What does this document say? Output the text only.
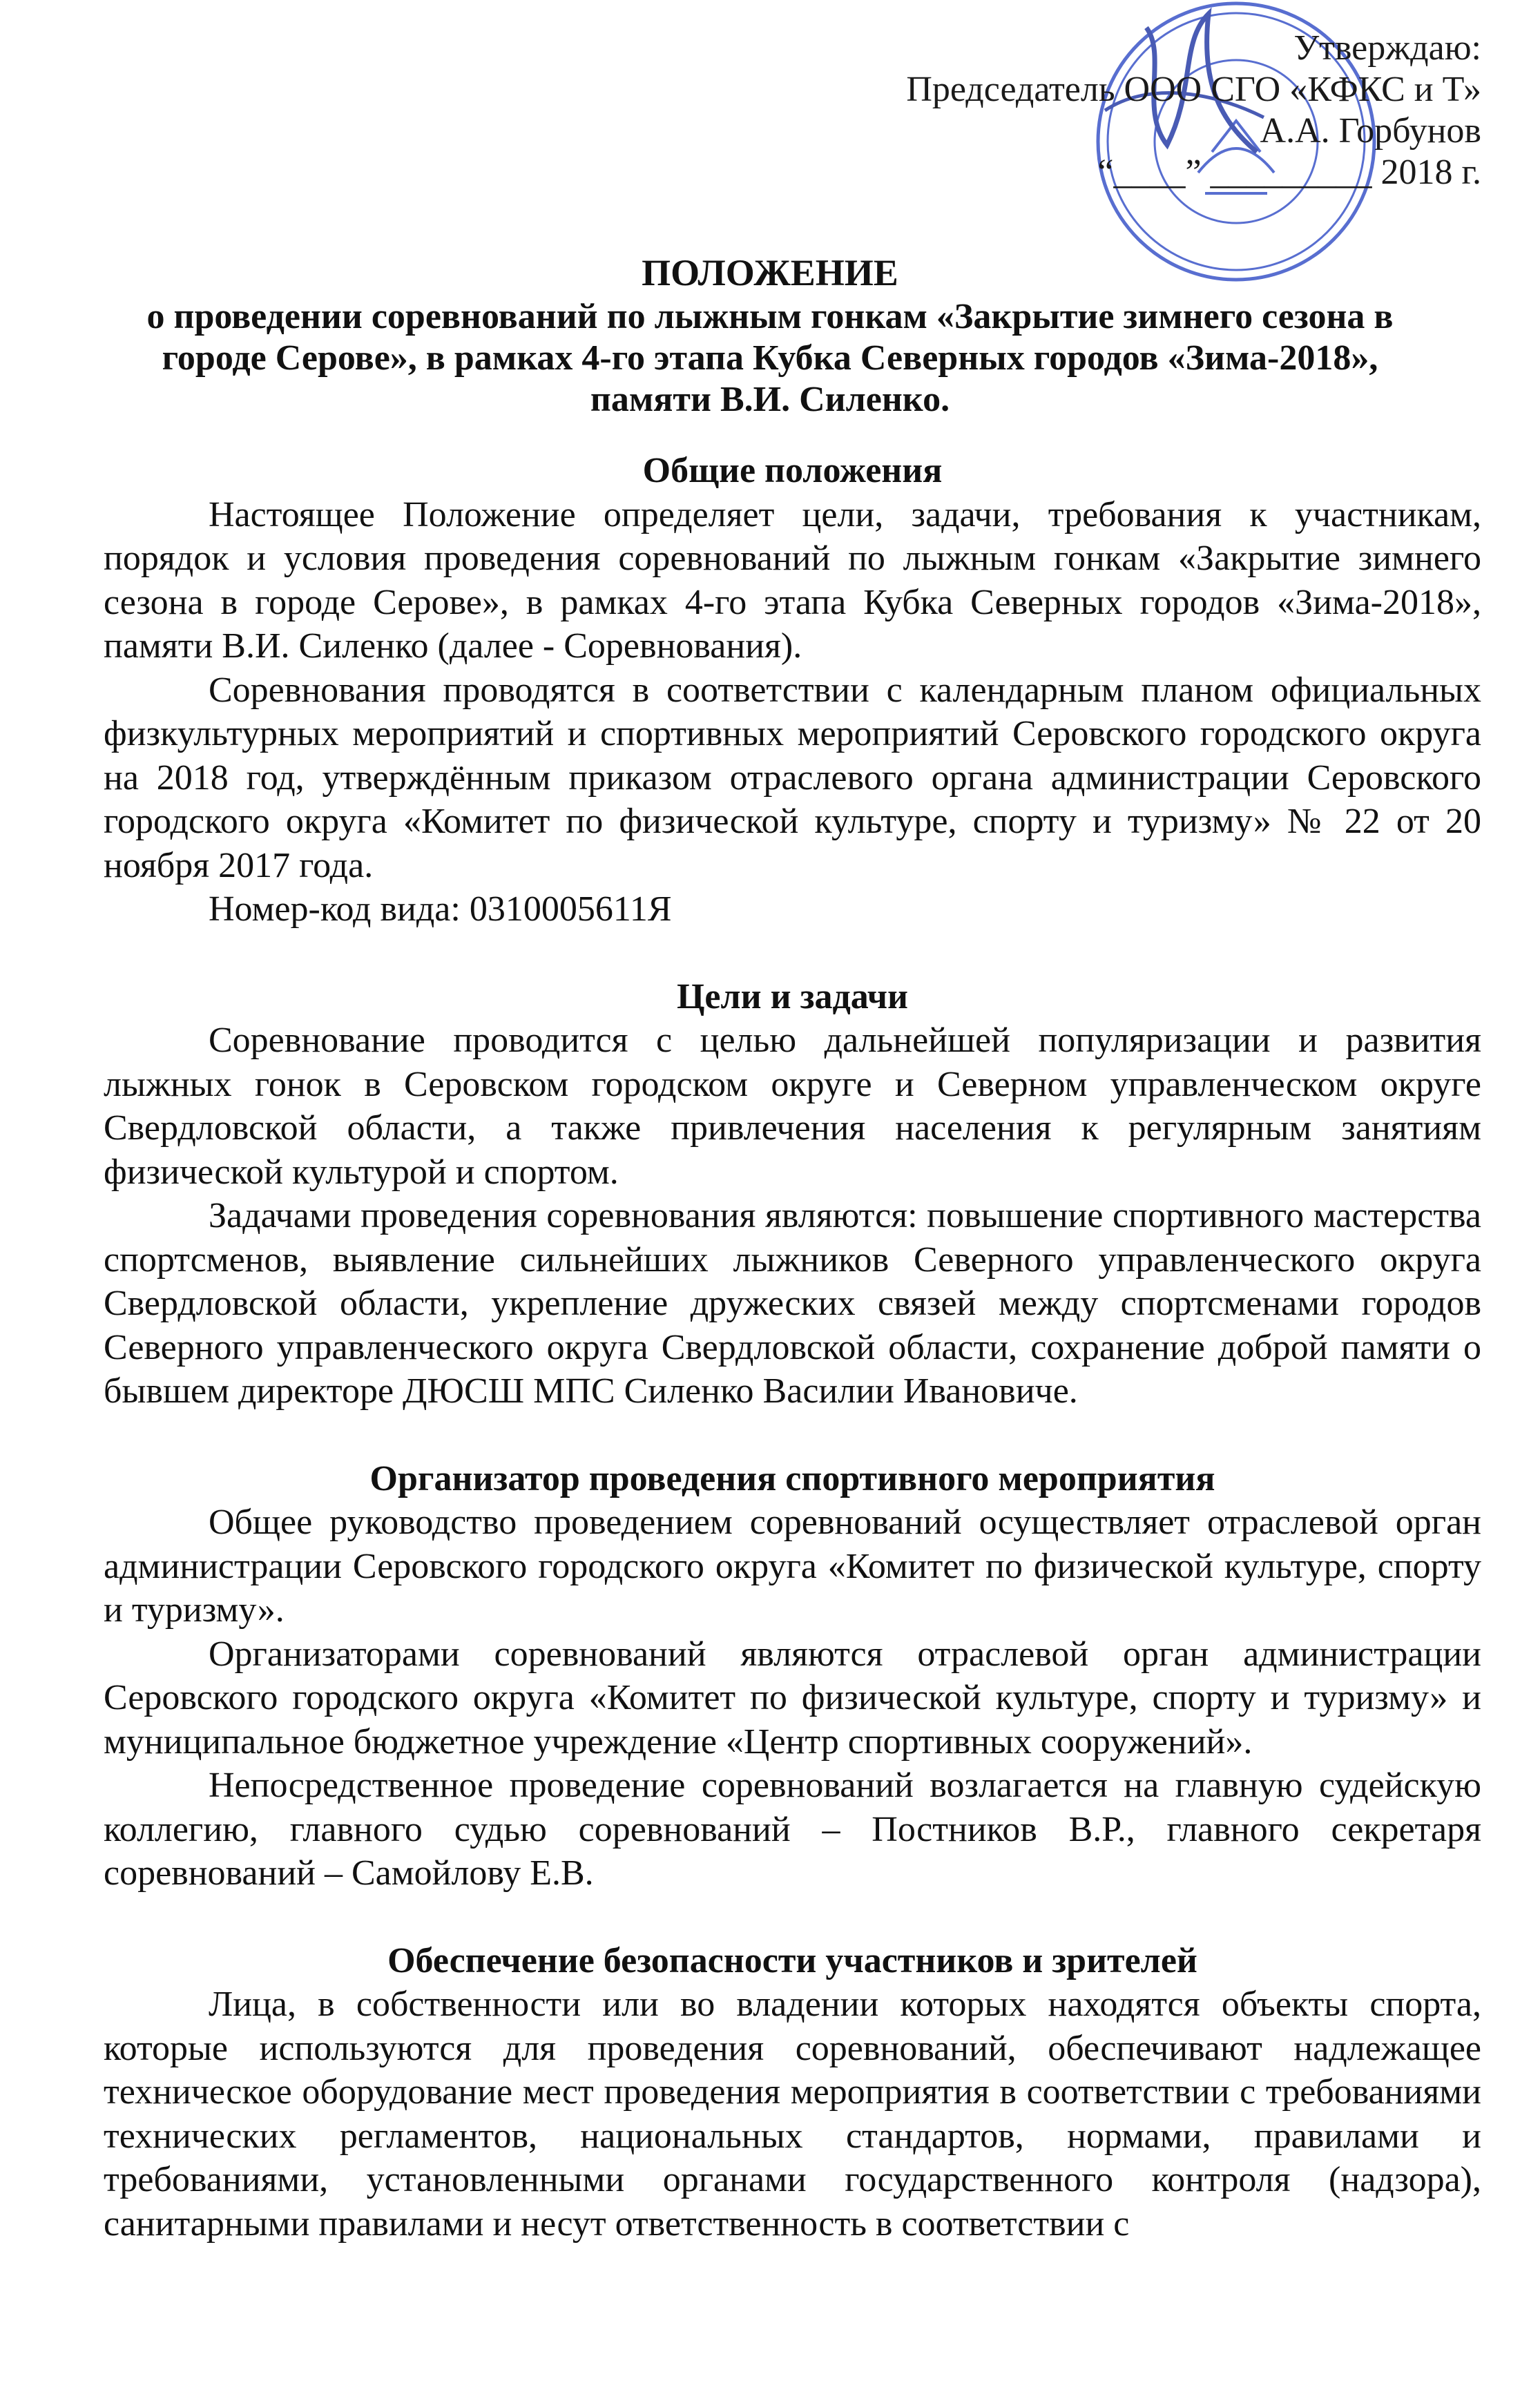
Утверждаю:
Председатель ООО СГО «КФКС и Т»
А.А. Горбунов
“____” _________ 2018 г.
ПОЛОЖЕНИЕ
о проведении соревнований по лыжным гонкам «Закрытие зимнего сезона в
городе Серове», в рамках 4-го этапа Кубка Северных городов «Зима-2018»,
памяти В.И. Силенко.

Общие положения

Настоящее Положение определяет цели, задачи, требования к участникам, порядок и условия проведения соревнований по лыжным гонкам «Закрытие зимнего сезона в городе Серове», в рамках 4-го этапа Кубка Северных городов «Зима-2018», памяти В.И. Силенко (далее - Соревнования).

Соревнования проводятся в соответствии с календарным планом официальных физкультурных мероприятий и спортивных мероприятий Серовского городского округа на 2018 год, утверждённым приказом отраслевого органа администрации Серовского городского округа «Комитет по физической культуре, спорту и туризму» № 22 от 20 ноября 2017 года.

Номер-код вида: 0310005611Я

Цели и задачи

Соревнование проводится с целью дальнейшей популяризации и развития лыжных гонок в Серовском городском округе и Северном управленческом округе Свердловской области, а также привлечения населения к регулярным занятиям физической культурой и спортом.

Задачами проведения соревнования являются: повышение спортивного мастерства спортсменов, выявление сильнейших лыжников Северного управленческого округа Свердловской области, укрепление дружеских связей между спортсменами городов Северного управленческого округа Свердловской области, сохранение доброй памяти о бывшем директоре ДЮСШ МПС Силенко Василии Ивановиче.

Организатор проведения спортивного мероприятия

Общее руководство проведением соревнований осуществляет отраслевой орган администрации Серовского городского округа «Комитет по физической культуре, спорту и туризму».

Организаторами соревнований являются отраслевой орган администрации Серовского городского округа «Комитет по физической культуре, спорту и туризму» и муниципальное бюджетное учреждение «Центр спортивных сооружений».

Непосредственное проведение соревнований возлагается на главную судейскую коллегию, главного судью соревнований – Постников В.Р., главного секретаря соревнований – Самойлову Е.В.

Обеспечение безопасности участников и зрителей

Лица, в собственности или во владении которых находятся объекты спорта, которые используются для проведения соревнований, обеспечивают надлежащее техническое оборудование мест проведения мероприятия в соответствии с требованиями технических регламентов, национальных стандартов, нормами, правилами и требованиями, установленными органами государственного контроля (надзора), санитарными правилами и несут ответственность в соответствии с
